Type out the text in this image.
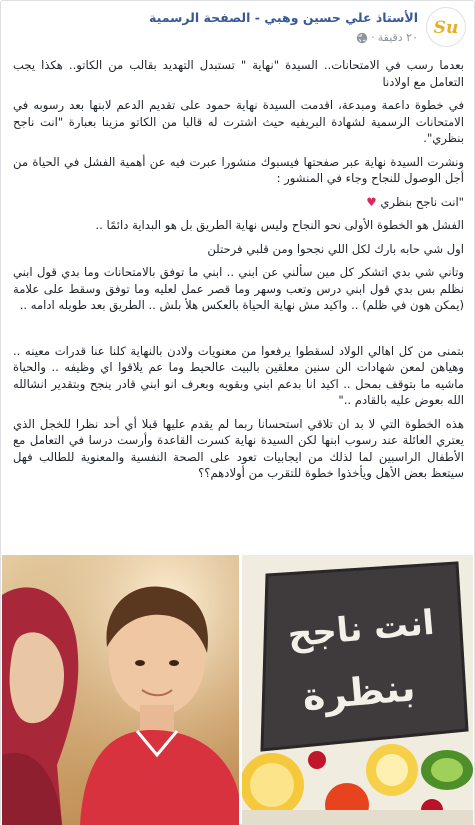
Su
الأستاذ علي حسين وهبي - الصفحة الرسمية
٢٠ دقيقة
·

بعدما رسب في الامتحانات.. السيدة "نهاية " تستبدل التهديد بقالب من الكاتو.. هكذا يجب التعامل مع اولادنا

في خطوة داعمة ومبدعة، اقدمت السيدة نهاية حمود على تقديم الدعم لابنها بعد رسوبه في الامتحانات الرسمية لشهادة البريفيه حيث اشترت له قالبا من الكاتو مزينا بعبارة "انت ناجح بنظري".

ونشرت السيدة نهاية عبر صفحتها فيسبوك منشورا عبرت فيه عن أهمية الفشل في الحياة من أجل الوصول للنجاح وجاء في المنشور :

"انت ناجح بنظري ♥

الفشل هو الخطوة الأولى نحو النجاح وليس نهاية الطريق بل هو البداية دائمًا ..

اول شي حابه بارك لكل اللي نجحوا ومن قلبي فرحتلن

وتاني شي بدي اتشكر كل مين سألني عن ابني .. ابني ما توفق بالامتحانات وما بدي قول ابني نظلم بس بدي قول ابني درس وتعب وسهر وما قصر عمل لعليه وما توفق وسقط على علامة (يمكن هون في ظلم) .. واكيد مش نهاية الحياة بالعكس هلأ بلش .. الطريق بعد طويله ادامه ..

بتمنى من كل اهالي الولاد لسقطوا يرفعوا من معنويات ولادن بالنهاية كلنا عنا قدرات معينه .. وهياهن لمعن شهادات الن سنين معلقين بالبيت عالحيط وما عم يلاقوا اي وظيفه .. والحياة ماشيه ما بتوقف بمحل .. اكيد انا بدعم ابني وبقويه وبعرف انو ابني قادر ينجح وبتقدير انشالله الله بعوض عليه بالقادم .."

هذه الخطوة التي لا بد ان تلاقي استحسانا ربما لم يقدم عليها قبلا أي أحد نظرا للخجل الذي يعتري العائلة عند رسوب ابنها لكن السيدة نهاية كسرت القاعدة وأرست درسا في التعامل مع الأطفال الراسبين لما لذلك من ايجابيات تعود على الصحة النفسية والمعنوية للطالب فهل سيتعظ بعض الأهل ويأخذوا خطوة للتقرب من أولادهم؟؟

انت ناجح
بنظرة
